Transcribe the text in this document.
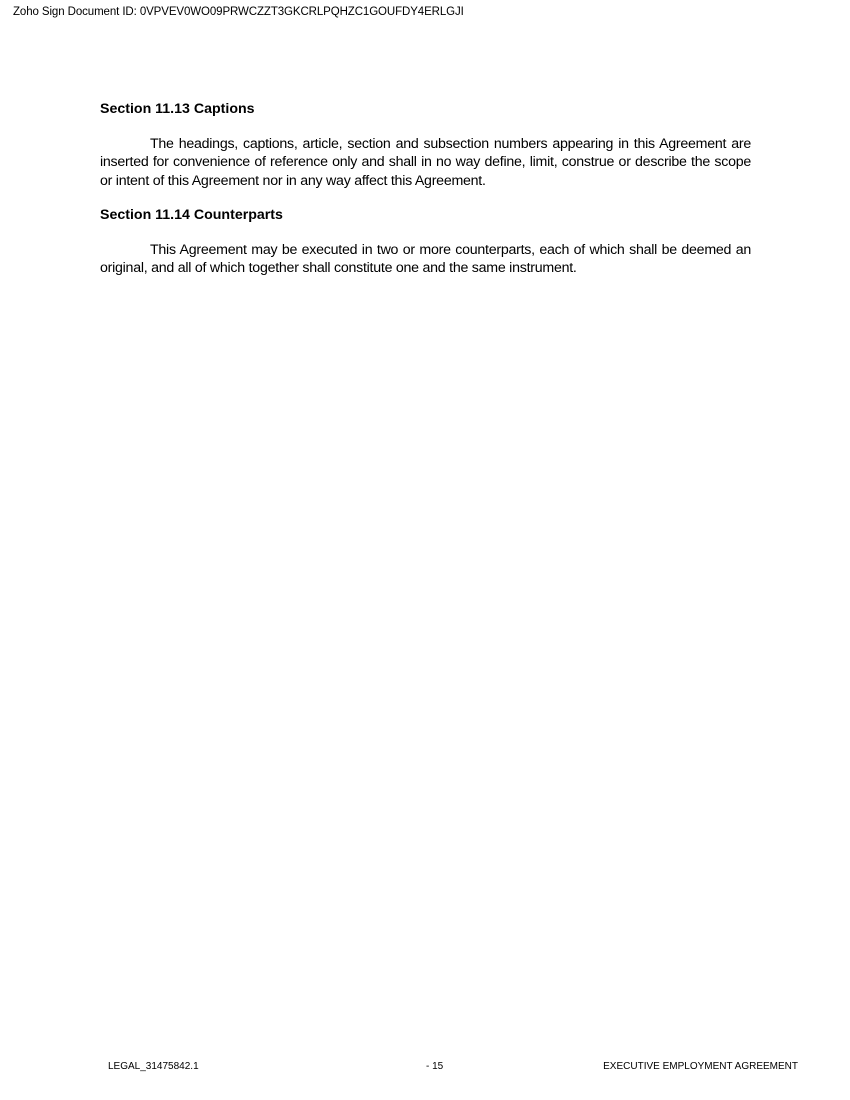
Zoho Sign Document ID: 0VPVEV0WO09PRWCZZT3GKCRLPQHZC1GOUFDY4ERLGJI

Section 11.13 Captions

The headings, captions, article, section and subsection numbers appearing in this Agreement are inserted for convenience of reference only and shall in no way define, limit, construe or describe the scope or intent of this Agreement nor in any way affect this Agreement.

Section 11.14 Counterparts

This Agreement may be executed in two or more counterparts, each of which shall be deemed an original, and all of which together shall constitute one and the same instrument.

LEGAL_31475842.1	- 15	EXECUTIVE EMPLOYMENT AGREEMENT
